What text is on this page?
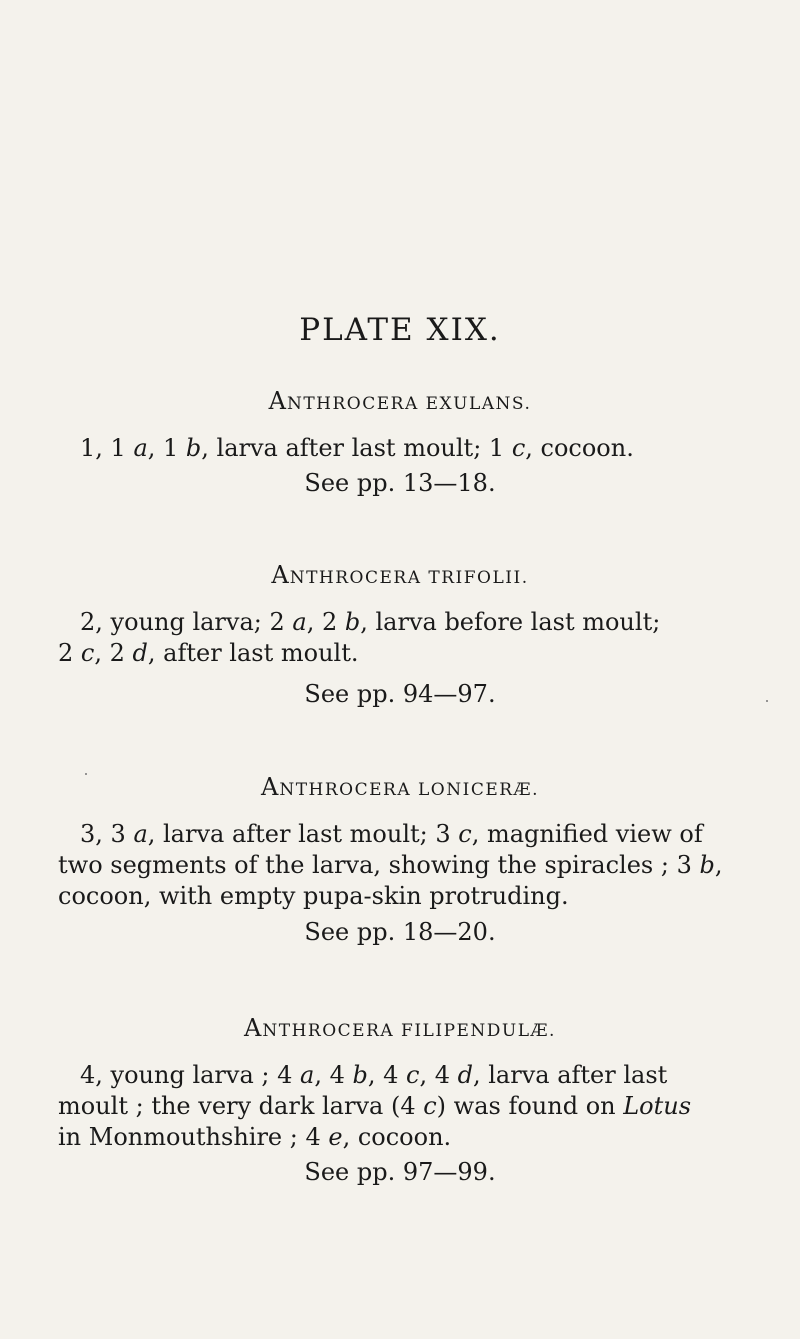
PLATE XIX.
ANTHROCERA EXULANS.
1, 1 a, 1 b, larva after last moult; 1 c, cocoon.
See pp. 13—18.
ANTHROCERA TRIFOLII.
2, young larva; 2 a, 2 b, larva before last moult;
2 c, 2 d, after last moult.
See pp. 94—97.
ANTHROCERA LONICERÆ.
3, 3 a, larva after last moult; 3 c, magnified view of
two segments of the larva, showing the spiracles ; 3 b,
cocoon, with empty pupa-skin protruding.
See pp. 18—20.
ANTHROCERA FILIPENDULÆ.
4, young larva ; 4 a, 4 b, 4 c, 4 d, larva after last
moult ; the very dark larva (4 c) was found on Lotus
in Monmouthshire ; 4 e, cocoon.
See pp. 97—99.
